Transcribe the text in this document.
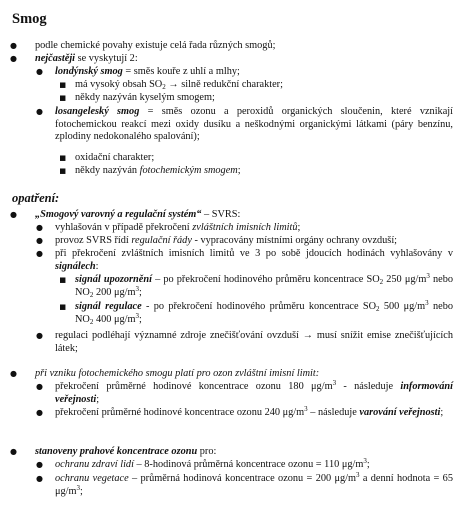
Smog
● podle chemické povahy existuje celá řada různých smogů;
● nejčastěji se vyskytují 2:
● londýnský smog = směs kouře z uhlí a mlhy;
▪ má vysoký obsah $SO_2$ → silně redukční charakter;
▪ někdy nazýván kyselým smogem;
● losangeleský smog = směs ozonu a peroxidů organických sloučenin, které vznikají fotochemickou reakcí mezi oxidy dusíku a neškodnými organickými látkami (páry benzínu, zplodiny nedokonalého spalování);
▪ oxidační charakter;
▪ někdy nazýván fotochemickým smogem;
opatření:
● „Smogový varovný a regulační systém“ – SVRS:
● vyhlašován v případě překročení zvláštních imisních limitů;
● provoz SVRS řídí regulační řády - vypracovány místními orgány ochrany ovzduší;
● při překročení zvláštních imisních limitů ve 3 po sobě jdoucích hodinách vyhlašovány v signálech:
▪ signál upozornění – po překročení hodinového průměru koncentrace $SO_2$ 250 $\mu g/m^3$ nebo $NO_2$ 200 $\mu g/m^3$;
▪ signál regulace - po překročení hodinového průměru koncentrace $SO_2$ 500 $\mu g/m^3$ nebo $NO_2$ 400 $\mu g/m^3$;
● regulaci podléhají významné zdroje znečišťování ovzduší → musí snížit emise znečišťujících látek;
● při vzniku fotochemického smogu platí pro ozon zvláštní imisní limit:
● překročení průměrné hodinové koncentrace ozonu 180 $\mu g/m^3$ - následuje informování veřejnosti;
● překročení průměrné hodinové koncentrace ozonu 240 $\mu g/m^3$ – následuje varování veřejnosti;
● stanoveny prahové koncentrace ozonu pro:
● ochranu zdraví lidí – 8-hodinová průměrná koncentrace ozonu = 110 $\mu g/m^3$;
● ochranu vegetace – průměrná hodinová koncentrace ozonu = 200 $\mu g/m^3$ a denní hodnota = 65 $\mu g/m^3$;
